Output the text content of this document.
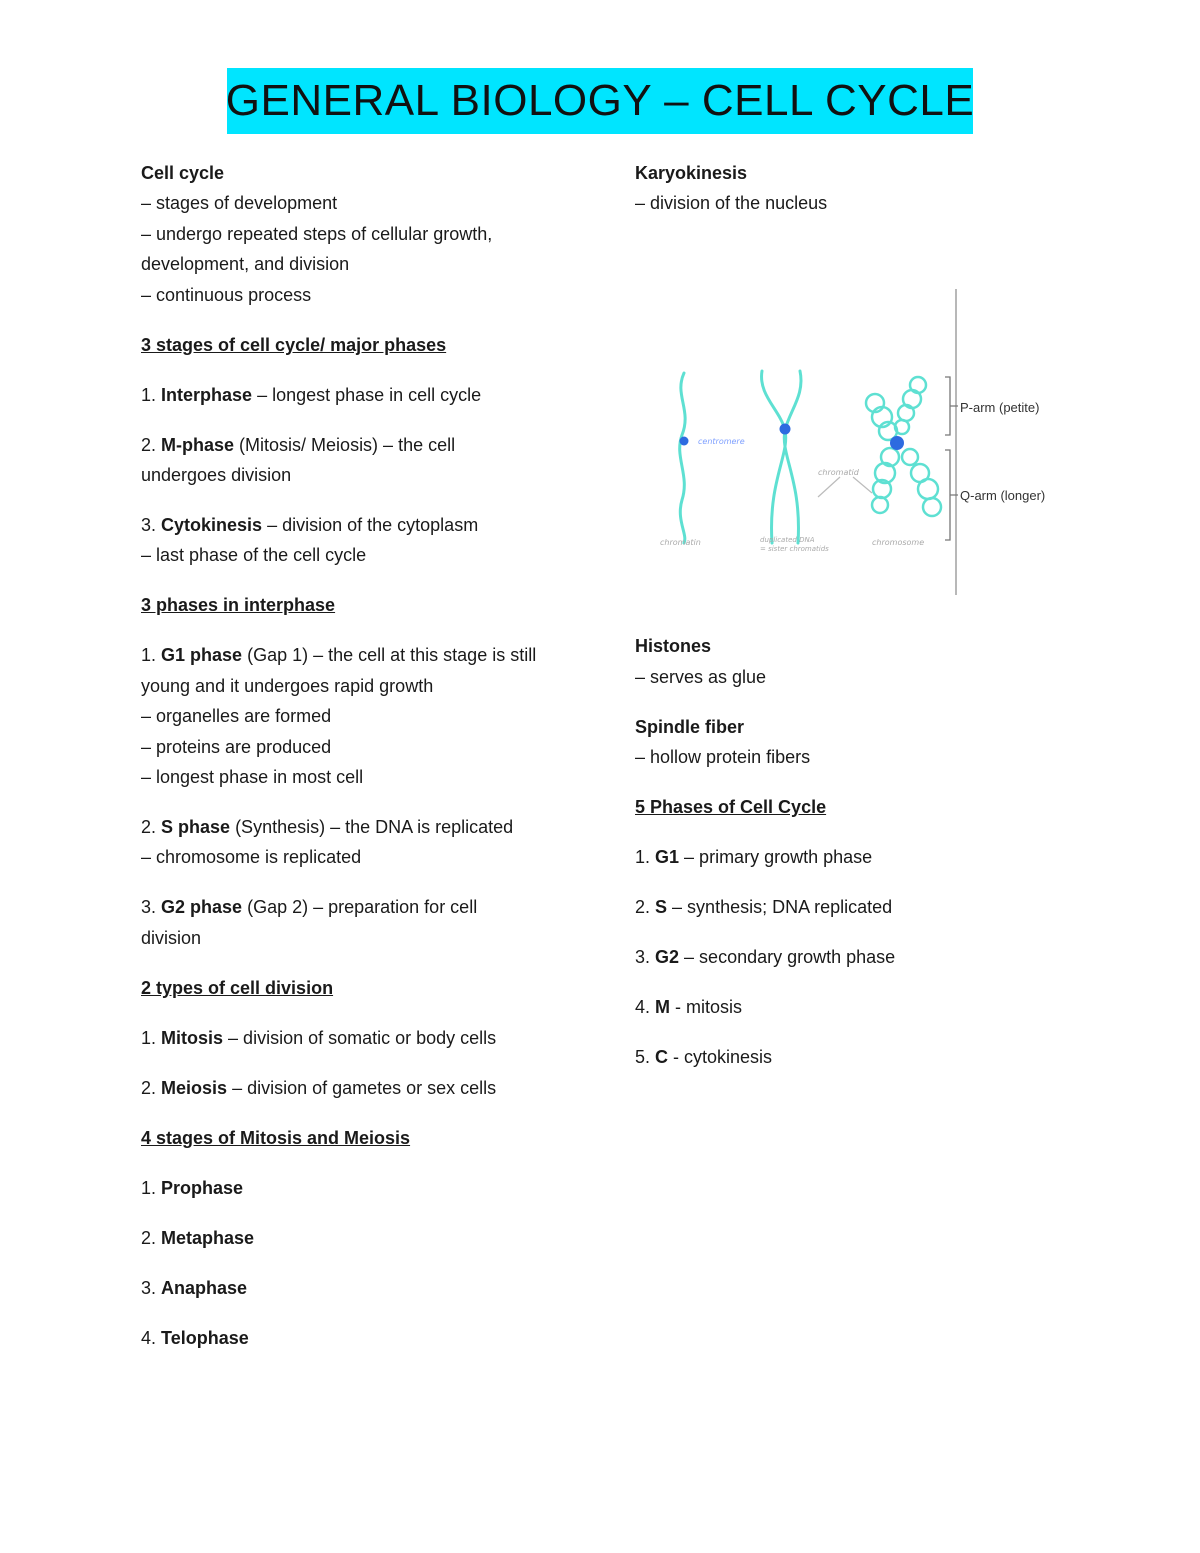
GENERAL BIOLOGY – CELL CYCLE
Cell cycle
– stages of development
– undergo repeated steps of cellular growth,
development, and division
– continuous process
3 stages of cell cycle/ major phases
1. Interphase – longest phase in cell cycle
2. M-phase (Mitosis/ Meiosis) – the cell
undergoes division
3. Cytokinesis – division of the cytoplasm
– last phase of the cell cycle
3 phases in interphase
1. G1 phase (Gap 1) – the cell at this stage is still
young and it undergoes rapid growth
– organelles are formed
– proteins are produced
– longest phase in most cell
2. S phase (Synthesis) – the DNA is replicated
– chromosome is replicated
3. G2 phase (Gap 2) – preparation for cell
division
2 types of cell division
1. Mitosis – division of somatic or body cells
2. Meiosis – division of gametes or sex cells
4 stages of Mitosis and Meiosis
1. Prophase
2. Metaphase
3. Anaphase
4. Telophase
Karyokinesis
– division of the nucleus
Histones
– serves as glue
Spindle fiber
– hollow protein fibers
5 Phases of Cell Cycle
1. G1 – primary growth phase
2. S – synthesis; DNA replicated
3. G2 – secondary growth phase
4. M - mitosis
5. C - cytokinesis
centromere
chromatid
chromatin	duplicated DNA
= sister chromatids
chromosome
P-arm (petite)
Q-arm (longer)
